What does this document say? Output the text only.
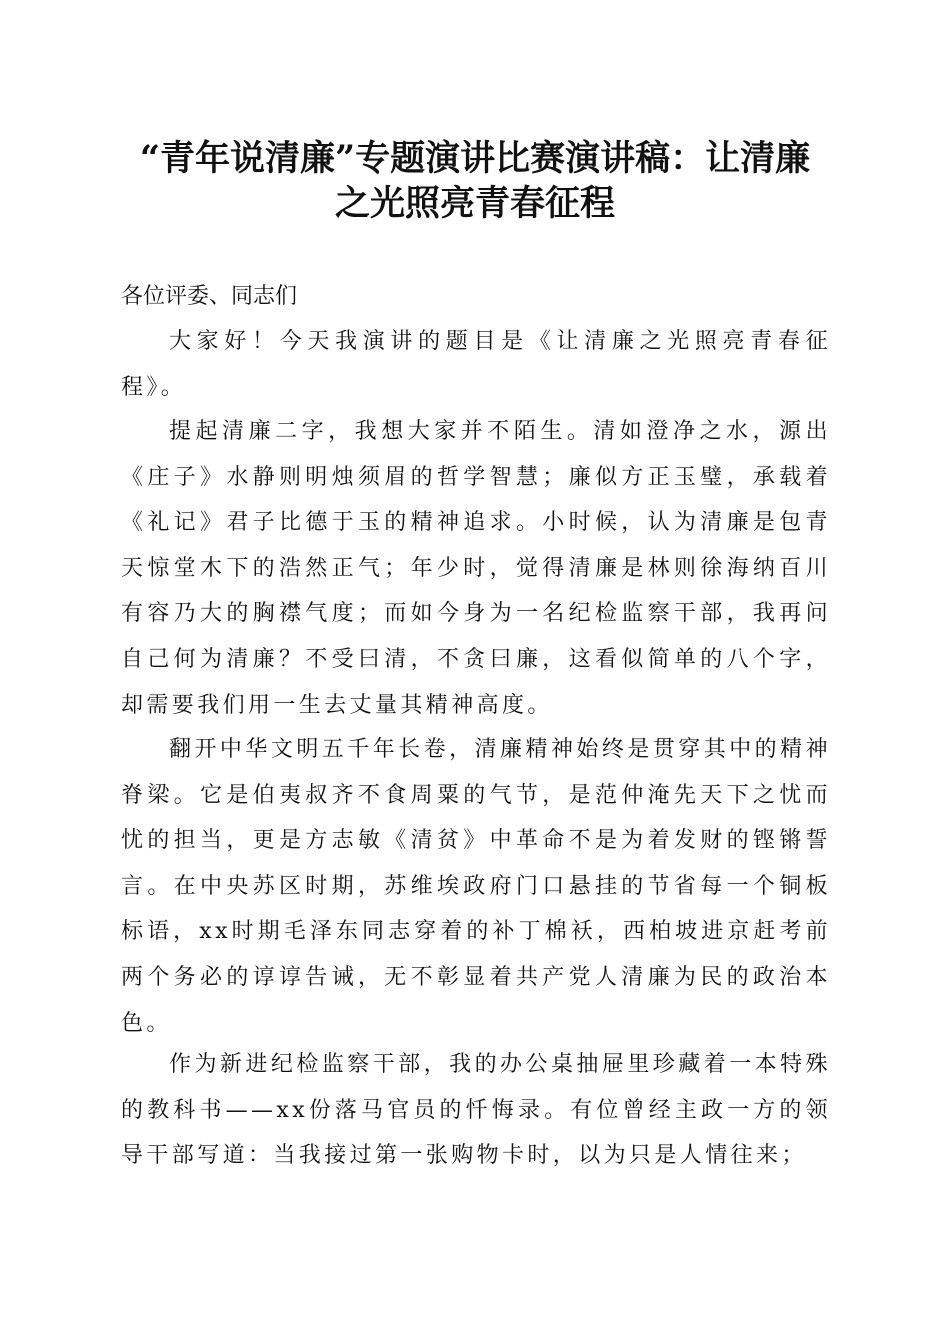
“青年说清廉”专题演讲比赛演讲稿：让清廉
之光照亮青春征程
各位评委、同志们

大家好！今天我演讲的题目是《让清廉之光照亮青春征程》。

提起清廉二字，我想大家并不陌生。清如澄净之水，源出《庄子》水静则明烛须眉的哲学智慧；廉似方正玉璧，承载着《礼记》君子比德于玉的精神追求。小时候，认为清廉是包青天惊堂木下的浩然正气；年少时，觉得清廉是林则徐海纳百川有容乃大的胸襟气度；而如今身为一名纪检监察干部，我再问自己何为清廉？不受曰清，不贪曰廉，这看似简单的八个字，却需要我们用一生去丈量其精神高度。

翻开中华文明五千年长卷，清廉精神始终是贯穿其中的精神脊梁。它是伯夷叔齐不食周粟的气节，是范仲淹先天下之忧而忧的担当，更是方志敏《清贫》中革命不是为着发财的铿锵誓言。在中央苏区时期，苏维埃政府门口悬挂的节省每一个铜板标语，xx时期毛泽东同志穿着的补丁棉袄，西柏坡进京赶考前两个务必的谆谆告诫，无不彰显着共产党人清廉为民的政治本色。

作为新进纪检监察干部，我的办公桌抽屉里珍藏着一本特殊的教科书——xx份落马官员的忏悔录。有位曾经主政一方的领导干部写道：当我接过第一张购物卡时，以为只是人情往来；
